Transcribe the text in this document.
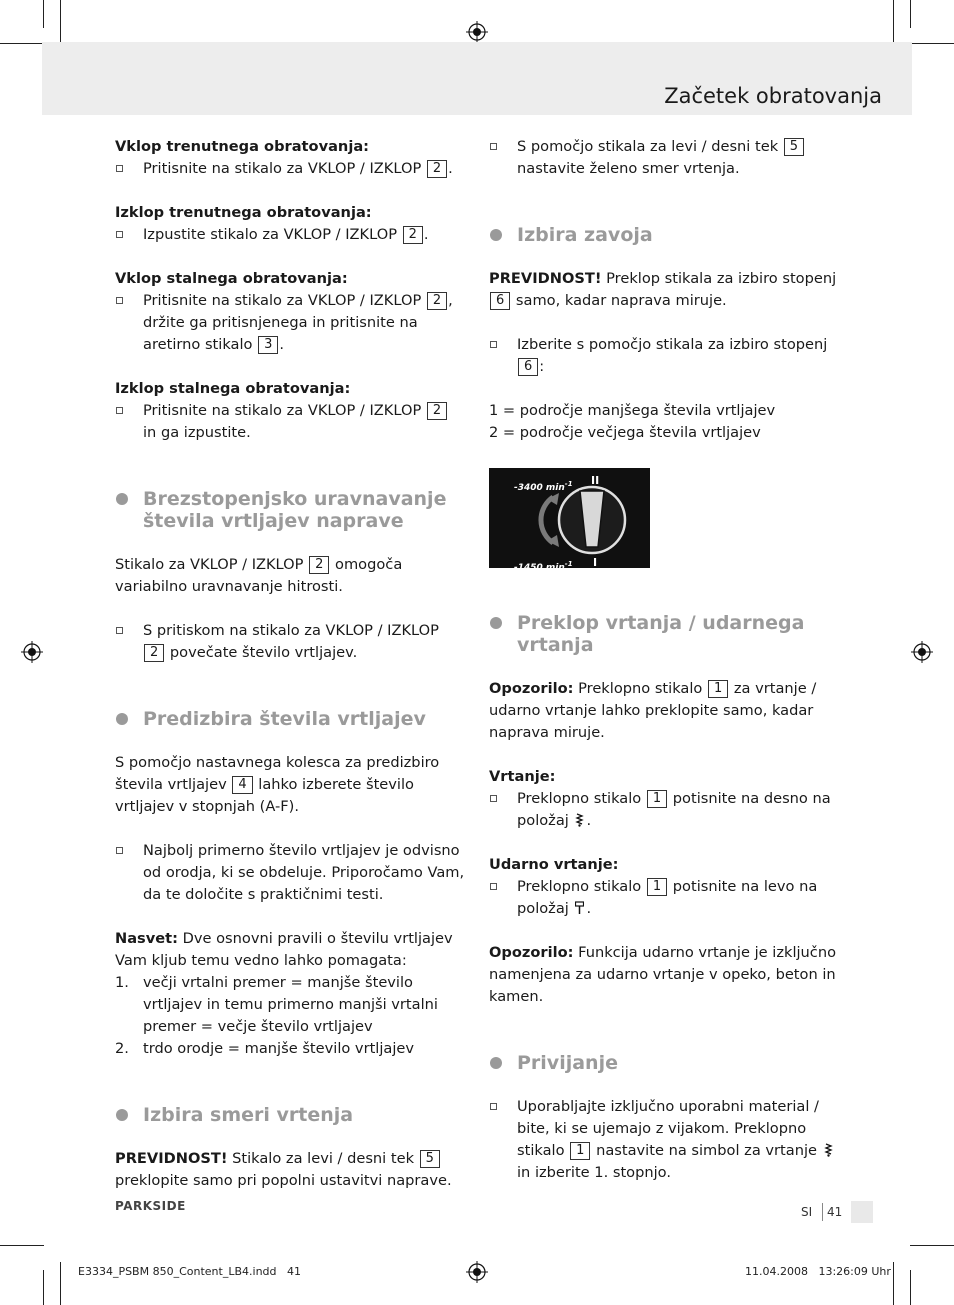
Začetek obratovanja
Vklop trenutnega obratovanja:
Pritisnite na stikalo za VKLOP / IZKLOP 2 .
Izklop trenutnega obratovanja:
Izpustite stikalo za VKLOP / IZKLOP 2 .
Vklop stalnega obratovanja:
Pritisnite na stikalo za VKLOP / IZKLOP 2 , držite ga pritisnjenega in pritisnite na aretirno stikalo 3 .
Izklop stalnega obratovanja:
Pritisnite na stikalo za VKLOP / IZKLOP 2 in ga izpustite.
Brezstopenjsko uravnavanje števila vrtljajev naprave
Stikalo za VKLOP / IZKLOP 2 omogoča variabilno uravnavanje hitrosti.
S pritiskom na stikalo za VKLOP / IZKLOP 2 povečate število vrtljajev.
Predizbira števila vrtljajev
S pomočjo nastavnega kolesca za predizbiro števila vrtljajev 4 lahko izberete število vrtljajev v stopnjah (A-F).
Najbolj primerno število vrtljajev je odvisno od orodja, ki se obdeluje. Priporočamo Vam, da te določite s praktičnimi testi.
Nasvet: Dve osnovni pravili o številu vrtljajev Vam kljub temu vedno lahko pomagata:
1. večji vrtalni premer = manjše število vrtljajev in temu primerno manjši vrtalni premer = večje število vrtljajev
2. trdo orodje = manjše število vrtljajev
Izbira smeri vrtenja
PREVIDNOST! Stikalo za levi / desni tek 5 preklopite samo pri popolni ustavitvi naprave.
S pomočjo stikala za levi / desni tek 5 nastavite želeno smer vrtenja.
Izbira zavoja
PREVIDNOST! Preklop stikala za izbiro stopenj 6 samo, kadar naprava miruje.
Izberite s pomočjo stikala za izbiro stopenj 6 :
1 = področje manjšega števila vrtljajev
2 = področje večjega števila vrtljajev
-3400 $\min^{-1}$ II
-1450 $\min^{-1} I$
Preklop vrtanja / udarnega vrtanja
Opozorilo: Preklopno stikalo 1 za vrtanje / udarno vrtanje lahko preklopite samo, kadar naprava miruje.
Vrtanje:
Preklopno stikalo 1 potisnite na desno na položaj .
Udarno vrtanje:
Preklopno stikalo 1 potisnite na levo na položaj .
Opozorilo: Funkcija udarno vrtanje je izključno namenjena za udarno vrtanje v opeko, beton in kamen.
Privijanje
Uporabljajte izključno uporabni material / bite, ki se ujemajo z vijakom. Preklopno stikalo 1 nastavite na simbol za vrtanje in izberite 1. stopnjo.
PARKSIDE	SI 41
E3334_PSBM 850_Content_LB4.indd   41	11.04.2008   13:26:09 Uhr
